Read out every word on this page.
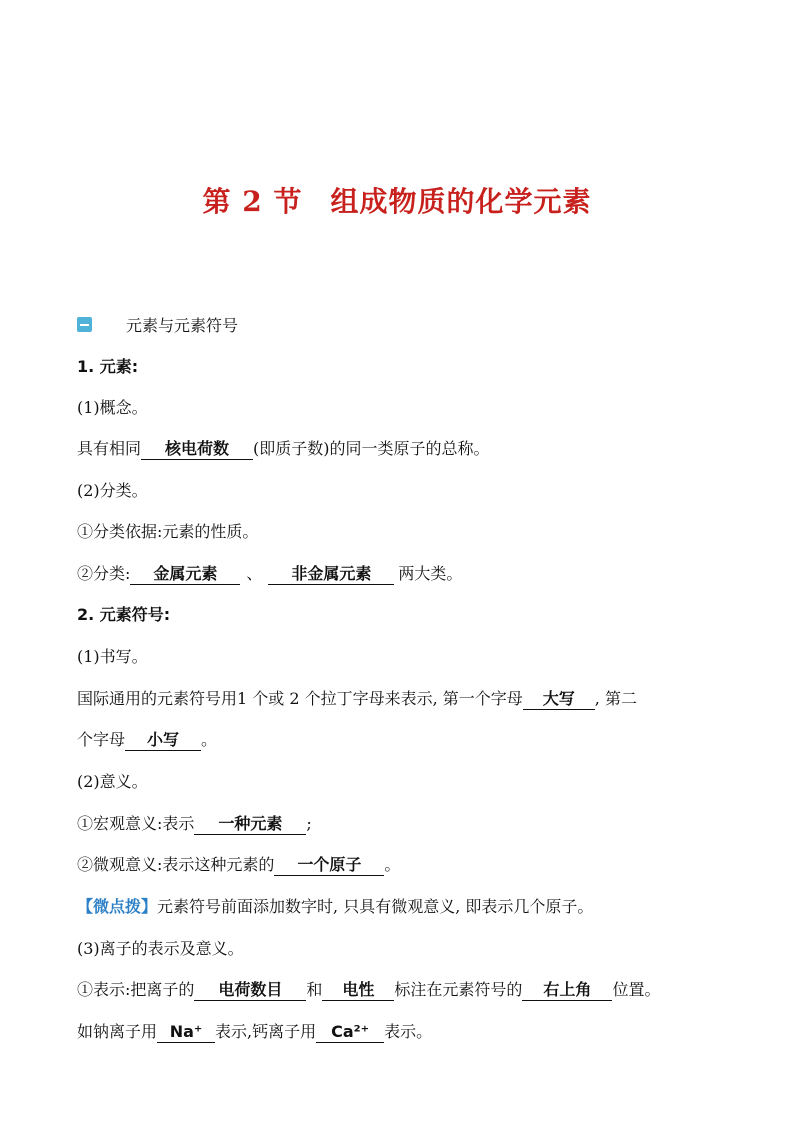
第 2 节 组成物质的化学元素
元素与元素符号
1. 元素:
(1)概念。
具有相同 核电荷数 (即质子数)的同一类原子的总称。
(2)分类。
①分类依据:元素的性质。
②分类: 金属元素 、 非金属元素 两大类。
2. 元素符号:
(1)书写。
国际通用的元素符号用1 个或 2 个拉丁字母来表示, 第一个字母 大写 , 第二
个字母 小写 。
(2)意义。
①宏观意义:表示 一种元素 ;
②微观意义:表示这种元素的 一个原子 。
【微点拨】元素符号前面添加数字时, 只具有微观意义, 即表示几个原子。
(3)离子的表示及意义。
①表示:把离子的 电荷数目 和 电性 标注在元素符号的 右上角 位置。
如钠离子用 Na⁺ 表示,钙离子用 Ca²⁺ 表示。
